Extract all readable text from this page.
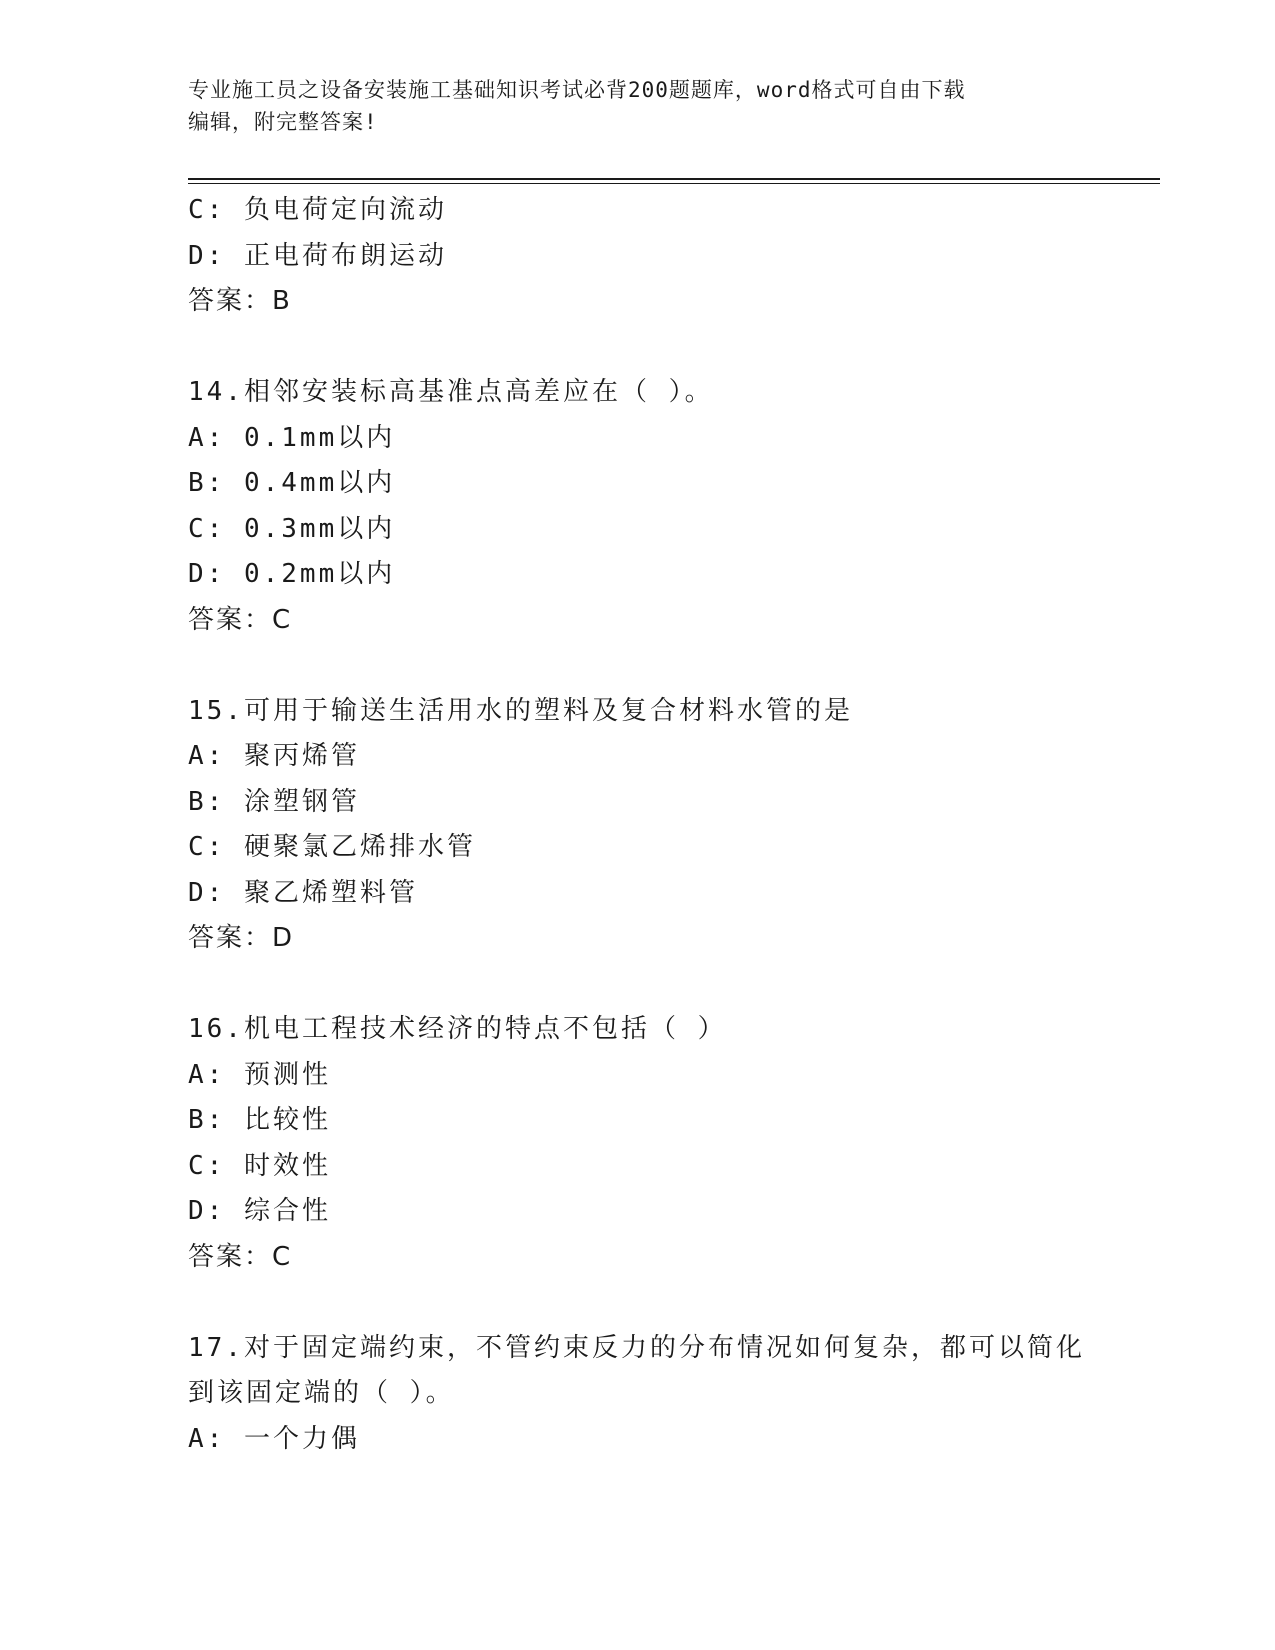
专业施工员之设备安装施工基础知识考试必背200题题库，word格式可自由下载
编辑，附完整答案!
C: 负电荷定向流动
D: 正电荷布朗运动
答案：B
14.相邻安装标高基准点高差应在（ ）。
A: 0.1mm以内
B: 0.4mm以内
C: 0.3mm以内
D: 0.2mm以内
答案：C
15.可用于输送生活用水的塑料及复合材料水管的是
A: 聚丙烯管
B: 涂塑钢管
C: 硬聚氯乙烯排水管
D: 聚乙烯塑料管
答案：D
16.机电工程技术经济的特点不包括（ ）
A: 预测性
B: 比较性
C: 时效性
D: 综合性
答案：C
17.对于固定端约束，不管约束反力的分布情况如何复杂，都可以简化
到该固定端的（ ）。
A: 一个力偶
